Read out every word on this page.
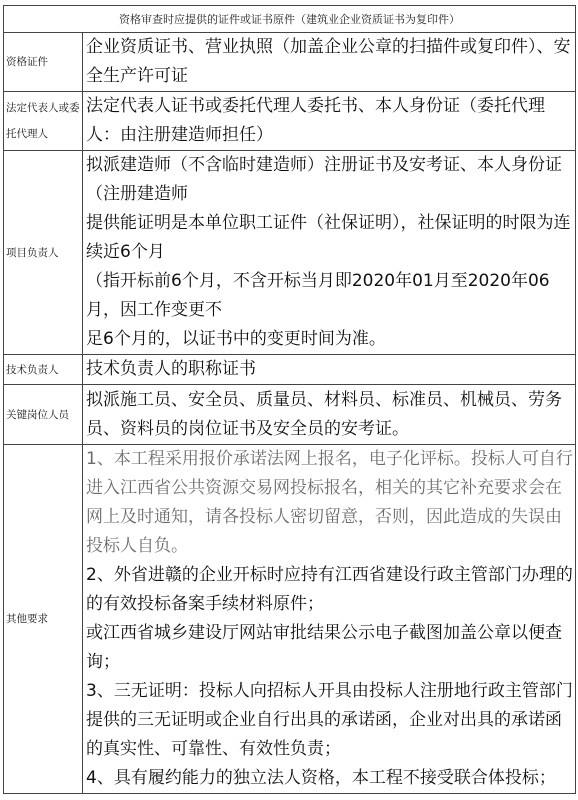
资格审查时应提供的证件或证书原件（建筑业企业资质证书为复印件）	
资格证件	企业资质证书、营业执照（加盖企业公章的扫描件或复印件）、安全生产许可证

法定代表人或委托代理人	法定代表人证书或委托代理人委托书、本人身份证（委托代理人：由注册建造师担任）

项目负责人	拟派建造师（不含临时建造师）注册证书及安考证、本人身份证（注册建造师

提供能证明是本单位职工证件（社保证明），社保证明的时限为连续近6个月

（指开标前6个月，不含开标当月即2020年01月至2020年06月，因工作变更不

足6个月的，以证书中的变更时间为准。

技术负责人	技术负责人的职称证书

关键岗位人员	拟派施工员、安全员、质量员、材料员、标准员、机械员、劳务员、资料员的岗位证书及安全员的安考证。

其他要求	1、本工程采用报价承诺法网上报名，电子化评标。投标人可自行进入江西省公共资源交易网投标报名，相关的其它补充要求会在网上及时通知，请各投标人密切留意，否则，因此造成的失误由投标人自负。

2、外省进赣的企业开标时应持有江西省建设行政主管部门办理的的有效投标备案手续材料原件；

或江西省城乡建设厅网站审批结果公示电子截图加盖公章以便查询；

3、三无证明：投标人向招标人开具由投标人注册地行政主管部门提供的三无证明或企业自行出具的承诺函，企业对出具的承诺函的真实性、可靠性、有效性负责；

4、具有履约能力的独立法人资格，本工程不接受联合体投标；
